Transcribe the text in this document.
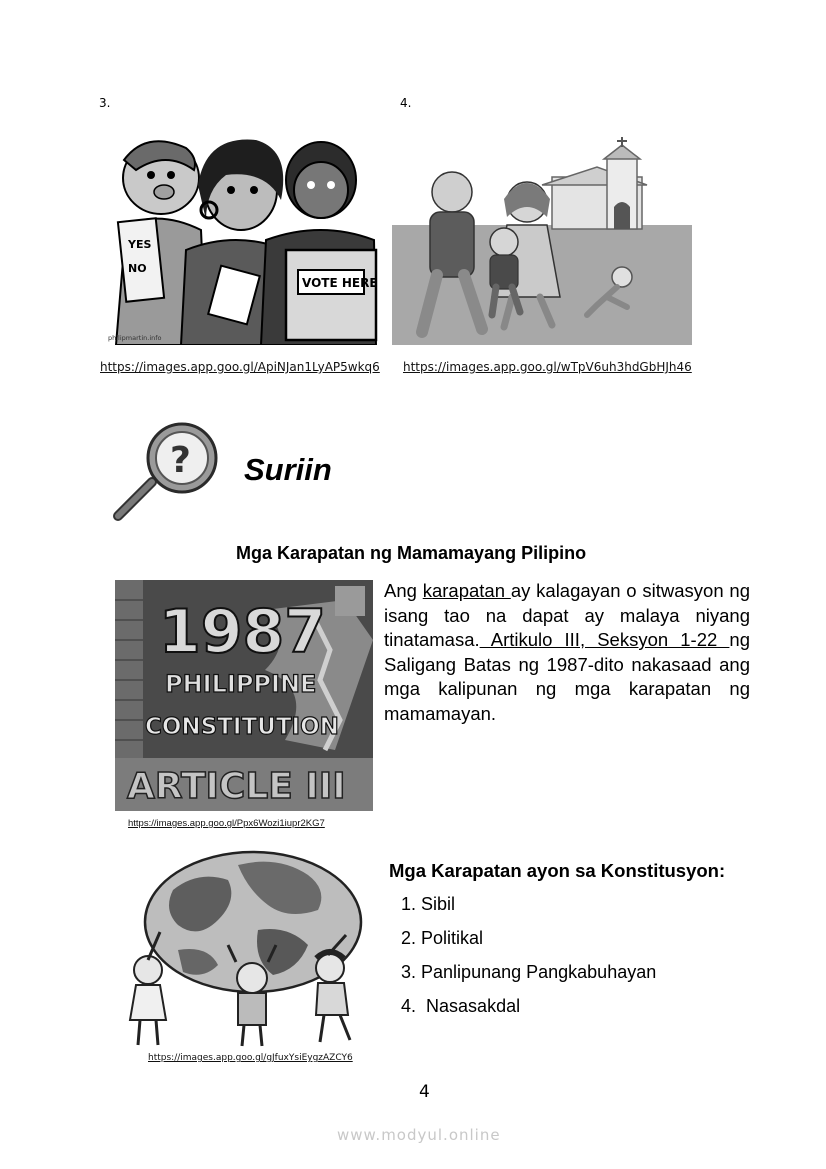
3.	4.
YES
NO
VOTE HERE
philipmartin.info
https://images.app.goo.gl/ApiNJan1LyAP5wkq6 https://images.app.goo.gl/wTpV6uh3hdGbHJh46
? Suriin
Mga Karapatan ng Mamamayang Pilipino
1987
PHILIPPINE
CONSTITUTION
ARTICLE III
https://images.app.goo.gl/Ppx6Wozi1iupr2KG7
Ang karapatan ay kalagayan o sitwasyon ng isang tao na dapat ay malaya niyang tinatamasa. Artikulo III, Seksyon 1-22 ng Saligang Batas ng 1987-dito nakasaad ang mga kalipunan ng mga karapatan ng mamamayan.
https://images.app.goo.gl/gJfuxYsiEygzAZCY6
Mga Karapatan ayon sa Konstitusyon:
1. Sibil
2. Politikal
3. Panlipunang Pangkabuhayan
4.  Nasasakdal
4
www.modyul.online
